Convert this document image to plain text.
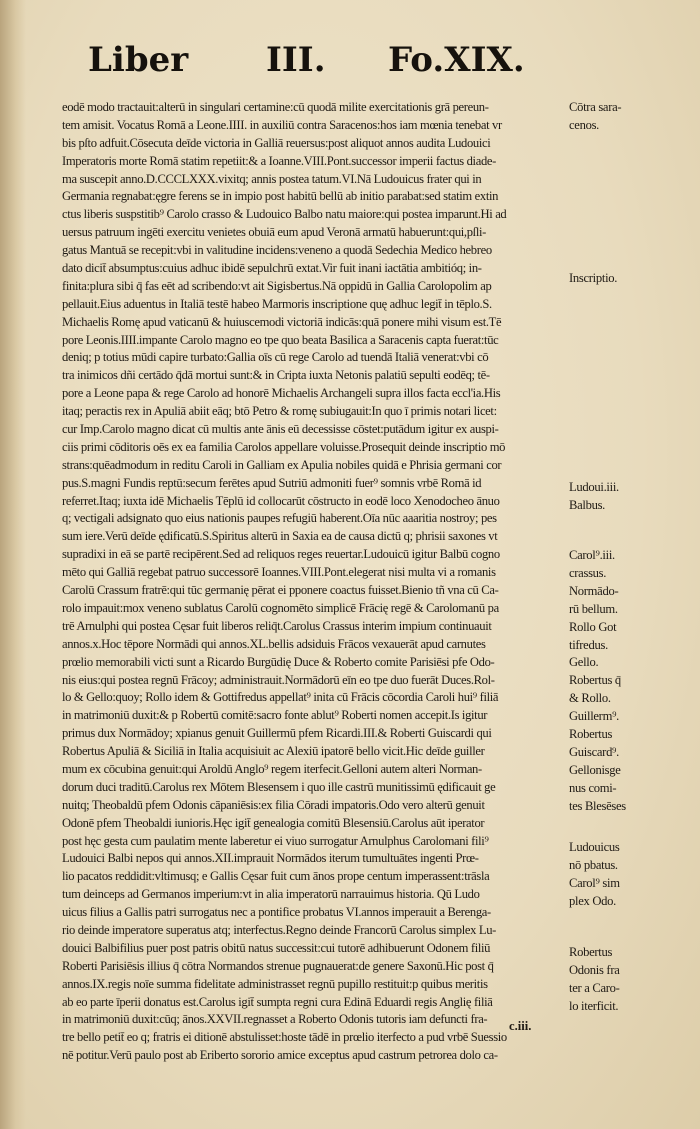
Liber III. Fo.XIX.
eodē modo tractauit:alterū in singulari certamine:cū quodā milite exercitationis grā pereun-
tem amisit. Vocatus Romā a Leone.IIII. in auxiliū contra Saracenos:hos iam mœnia tenebat vr
bis pſto adfuit.Cōsecuta deīde victoria in Galliā reuersus:post aliquot annos audita Ludouici
Imperatoris morte Romā statim repetiit:& a Ioanne.VIII.Pont.successor imperii factus diade-
ma suscepit anno.D.CCCLXXX.vixitq; annis postea tatum.VI.Nā Ludouicus frater qui in
Germania regnabat:ęgre ferens se in impio post habitū bellū ab initio parabat:sed statim extin
ctus liberis suspstitib⁹ Carolo crasso & Ludouico Balbo natu maiore:qui postea imparunt.Hi ad
uersus patruum ingēti exercitu venietes obuiā eum apud Veronā armatū habuerunt:qui,pſli-
gatus Mantuā se recepit:vbi in valitudine incidens:veneno a quodā Sedechia Medico hebreo
dato dicit̄ absumptus:cuius adhuc ibidē sepulchrū extat.Vir fuit inani iactātia ambitióq; in-
finita:plura sibi q̄ fas eēt ad scribendo:vt ait Sigisbertus.Nā oppidū in Gallia Carolopolim ap
pellauit.Eius aduentus in Italiā testē habeo Marmoris inscriptione quę adhuc legit̄ in tēplo.S.
Michaelis Romę apud vaticanū & huiuscemodi victoriā indicās:quā ponere mihi visum est.Tē
pore Leonis.IIII.impante Carolo magno eo tpe quo beata Basilica a Saracenis capta fuerat:tūc
deniq; p totius mūdi capire turbato:Gallia oīs cū rege Carolo ad tuendā Italiā venerat:vbi cō
tra inimicos dñi certādo q̄dā mortui sunt:& in Cripta iuxta Netonis palatiū sepulti eodēq; tē-
pore a Leone papa & rege Carolo ad honorē Michaelis Archangeli supra illos facta eccl'ia.His
itaq; peractis rex in Apuliā abiit eāq; btō Petro & romę subiugauit:In quo ī primis notari licet:
cur Imp.Carolo magno dicat cū multis ante ānis eū decessisse cōstet:putādum igitur ex auspi-
ciis primi cōditoris oēs ex ea familia Carolos appellare voluisse.Prosequit deinde inscriptio mō
strans:quēadmodum in reditu Caroli in Galliam ex Apulia nobiles quidā e Phrisia germani cor
pus.S.magni Fundis reptū:secum ferētes apud Sutriū admoniti fuer⁹ somnis vrbē Romā id
referret.Itaq; iuxta idē Michaelis Tēplū id collocarūt cōstructo in eodē loco Xenodocheo ānuo
q; vectigali adsignato quo eius nationis paupes refugiū haberent.Oīa nūc aaaritia nostroy; pes
sum iere.Verū deīde ędificatū.S.Spiritus alterū in Saxia ea de causa dictū q; phrisii saxones vt
supradixi in eā se partē recipērent.Sed ad reliquos reges reuertar.Ludouicū igitur Balbū cogno
mēto qui Galliā regebat patruo successorē Ioannes.VIII.Pont.elegerat nisi multa vi a romanis
Carolū Crassum fratrē:qui tūc germanię pērat ei pponere coactus fuisset.Bienio tñ vna cū Ca-
rolo impauit:mox veneno sublatus Carolū cognomēto simplicē Frācię regē & Carolomanū pa
trē Arnulphi qui postea Cęsar fuit liberos reliq̄t.Carolus Crassus interim impium continuauit
annos.x.Hoc tēpore Normādi qui annos.XL.bellis adsiduis Frācos vexauerāt apud carnutes
prœlio memorabili victi sunt a Ricardo Burgūdię Duce & Roberto comite Parisiēsi pfe Odo-
nis eius:qui postea regnū Frācoy; administrauit.Normādorū eīn eo tpe duo fuerāt Duces.Rol-
lo & Gello:quoy; Rollo idem & Gottifredus appellat⁹ inita cū Frācis cōcordia Caroli hui⁹ filiā
in matrimoniū duxit:& p Robertū comitē:sacro fonte ablut⁹ Roberti nomen accepit.Is igitur
primus dux Normādoy; xpianus genuit Guillermū pfem Ricardi.III.& Roberti Guiscardi qui
Robertus Apuliā & Siciliā in Italia acquisiuit ac Alexiū ipatorē bello vicit.Hic deīde guiller
mum ex cōcubina genuit:qui Aroldū Anglo⁹ regem iterfecit.Gelloni autem alteri Norman-
dorum duci traditū.Carolus rex Mōtem Blesensem i quo ille castrū munitissimū ędificauit ge
nuitq; Theobaldū pfem Odonis cāpaniēsis:ex filia Cōradi impatoris.Odo vero alterū genuit
Odonē pfem Theobaldi iunioris.Hęc igit̄ genealogia comitū Blesensiū.Carolus aūt iperator
post hęc gesta cum paulatim mente laberetur ei viuo surrogatur Arnulphus Carolomani fili⁹
Ludouici Balbi nepos qui annos.XII.imprauit Normādos iterum tumultuātes ingenti Prœ-
lio pacatos reddidit:vltimusq; e Gallis Cęsar fuit cum ānos prope centum imperassent:trāsla
tum deinceps ad Germanos imperium:vt in alia imperatorū narrauimus historia. Qū Ludo
uicus filius a Gallis patri surrogatus nec a pontifice probatus VI.annos imperauit a Berenga-
rio deinde imperatore superatus atq; interfectus.Regno deinde Francorū Carolus simplex Lu-
douici Balbifilius puer post patris obitū natus successit:cui tutorē adhibuerunt Odonem filiū
Roberti Parisiēsis illius q̄ cōtra Normandos strenue pugnauerat:de genere Saxonū.Hic post q̄
annos.IX.regis noīe summa fidelitate administrasset regnū pupillo restituit:p quibus meritis
ab eo parte īperii donatus est.Carolus igit̄ sumpta regni cura Edinā Eduardi regis Anglię filiā
in matrimoniū duxit:cūq; ānos.XXVII.regnasset a Roberto Odonis tutoris iam defuncti fra-
tre bello petit̄ eo q; fratris ei ditionē abstulisset:hoste tādē in prœlio iterfecto a pud vrbē Suessio
nē potitur.Verū paulo post ab Eriberto sororio amice exceptus apud castrum petrorea dolo ca-
Cōtra sara-
cenos.
Inscriptio.
Ludoui.iii.
Balbus.
Carol⁹.iii.
crassus.
Normādo-
rū bellum.
Rollo Got
tifredus.
Gello.
Robertus q̄
& Rollo.
Guillerm⁹.
Robertus
Guiscard⁹.
Gellonisge
nus comi-
tes Blesēses
Ludouicus
nō pbatus.
Carol⁹ sim
plex Odo.
Robertus
Odonis fra
ter a Caro-
lo iterficit.
c.iii.
